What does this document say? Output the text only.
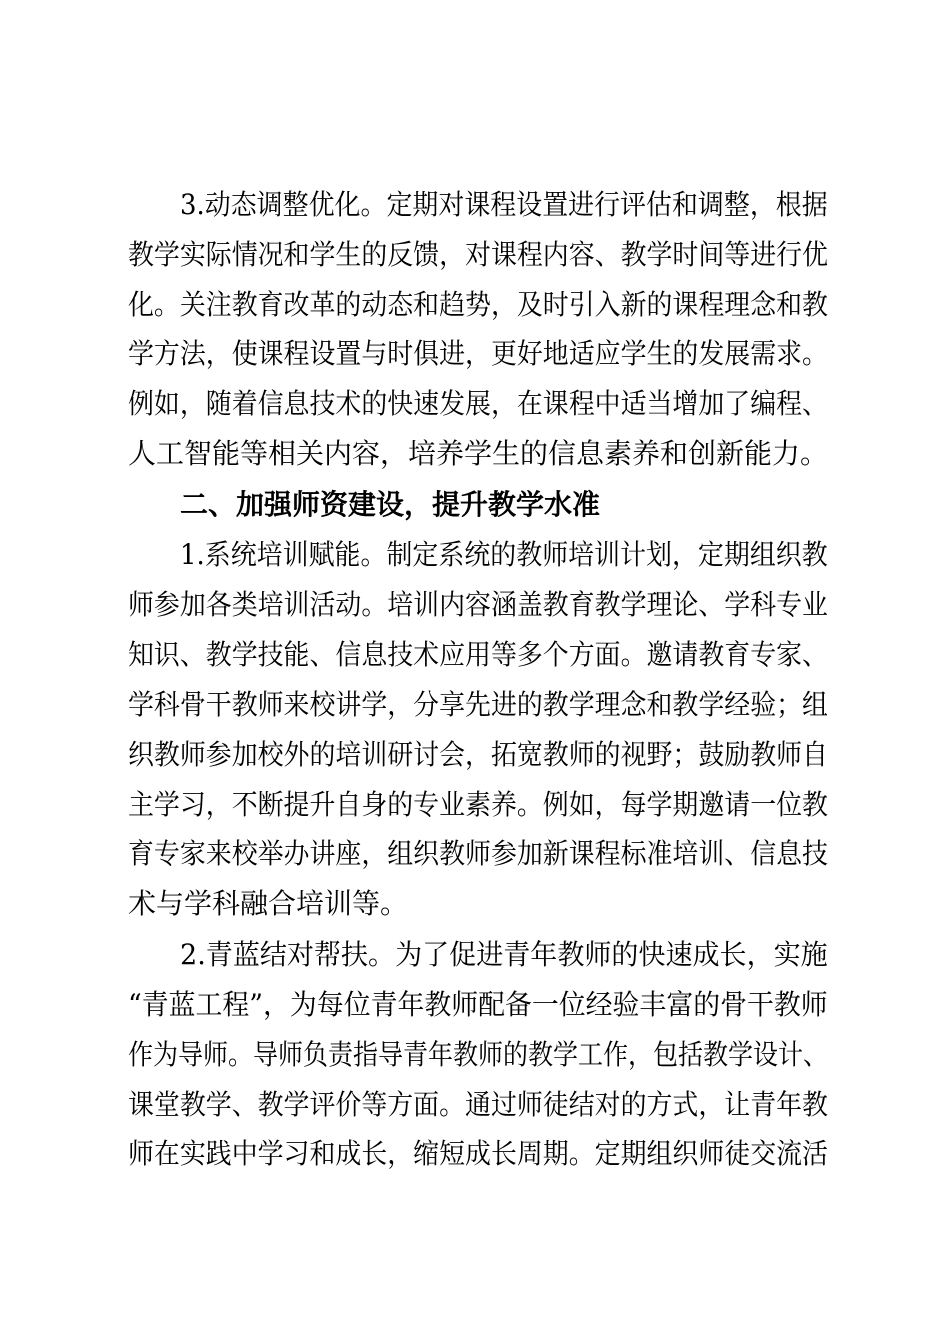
3.动态调整优化。定期对课程设置进行评估和调整，根据
教学实际情况和学生的反馈，对课程内容、教学时间等进行优
化。关注教育改革的动态和趋势，及时引入新的课程理念和教
学方法，使课程设置与时俱进，更好地适应学生的发展需求。
例如，随着信息技术的快速发展，在课程中适当增加了编程、
人工智能等相关内容，培养学生的信息素养和创新能力。
二、加强师资建设，提升教学水准
1.系统培训赋能。制定系统的教师培训计划，定期组织教
师参加各类培训活动。培训内容涵盖教育教学理论、学科专业
知识、教学技能、信息技术应用等多个方面。邀请教育专家、
学科骨干教师来校讲学，分享先进的教学理念和教学经验；组
织教师参加校外的培训研讨会，拓宽教师的视野；鼓励教师自
主学习，不断提升自身的专业素养。例如，每学期邀请一位教
育专家来校举办讲座，组织教师参加新课程标准培训、信息技
术与学科融合培训等。
2.青蓝结对帮扶。为了促进青年教师的快速成长，实施
“青蓝工程”，为每位青年教师配备一位经验丰富的骨干教师
作为导师。导师负责指导青年教师的教学工作，包括教学设计、
课堂教学、教学评价等方面。通过师徒结对的方式，让青年教
师在实践中学习和成长，缩短成长周期。定期组织师徒交流活
